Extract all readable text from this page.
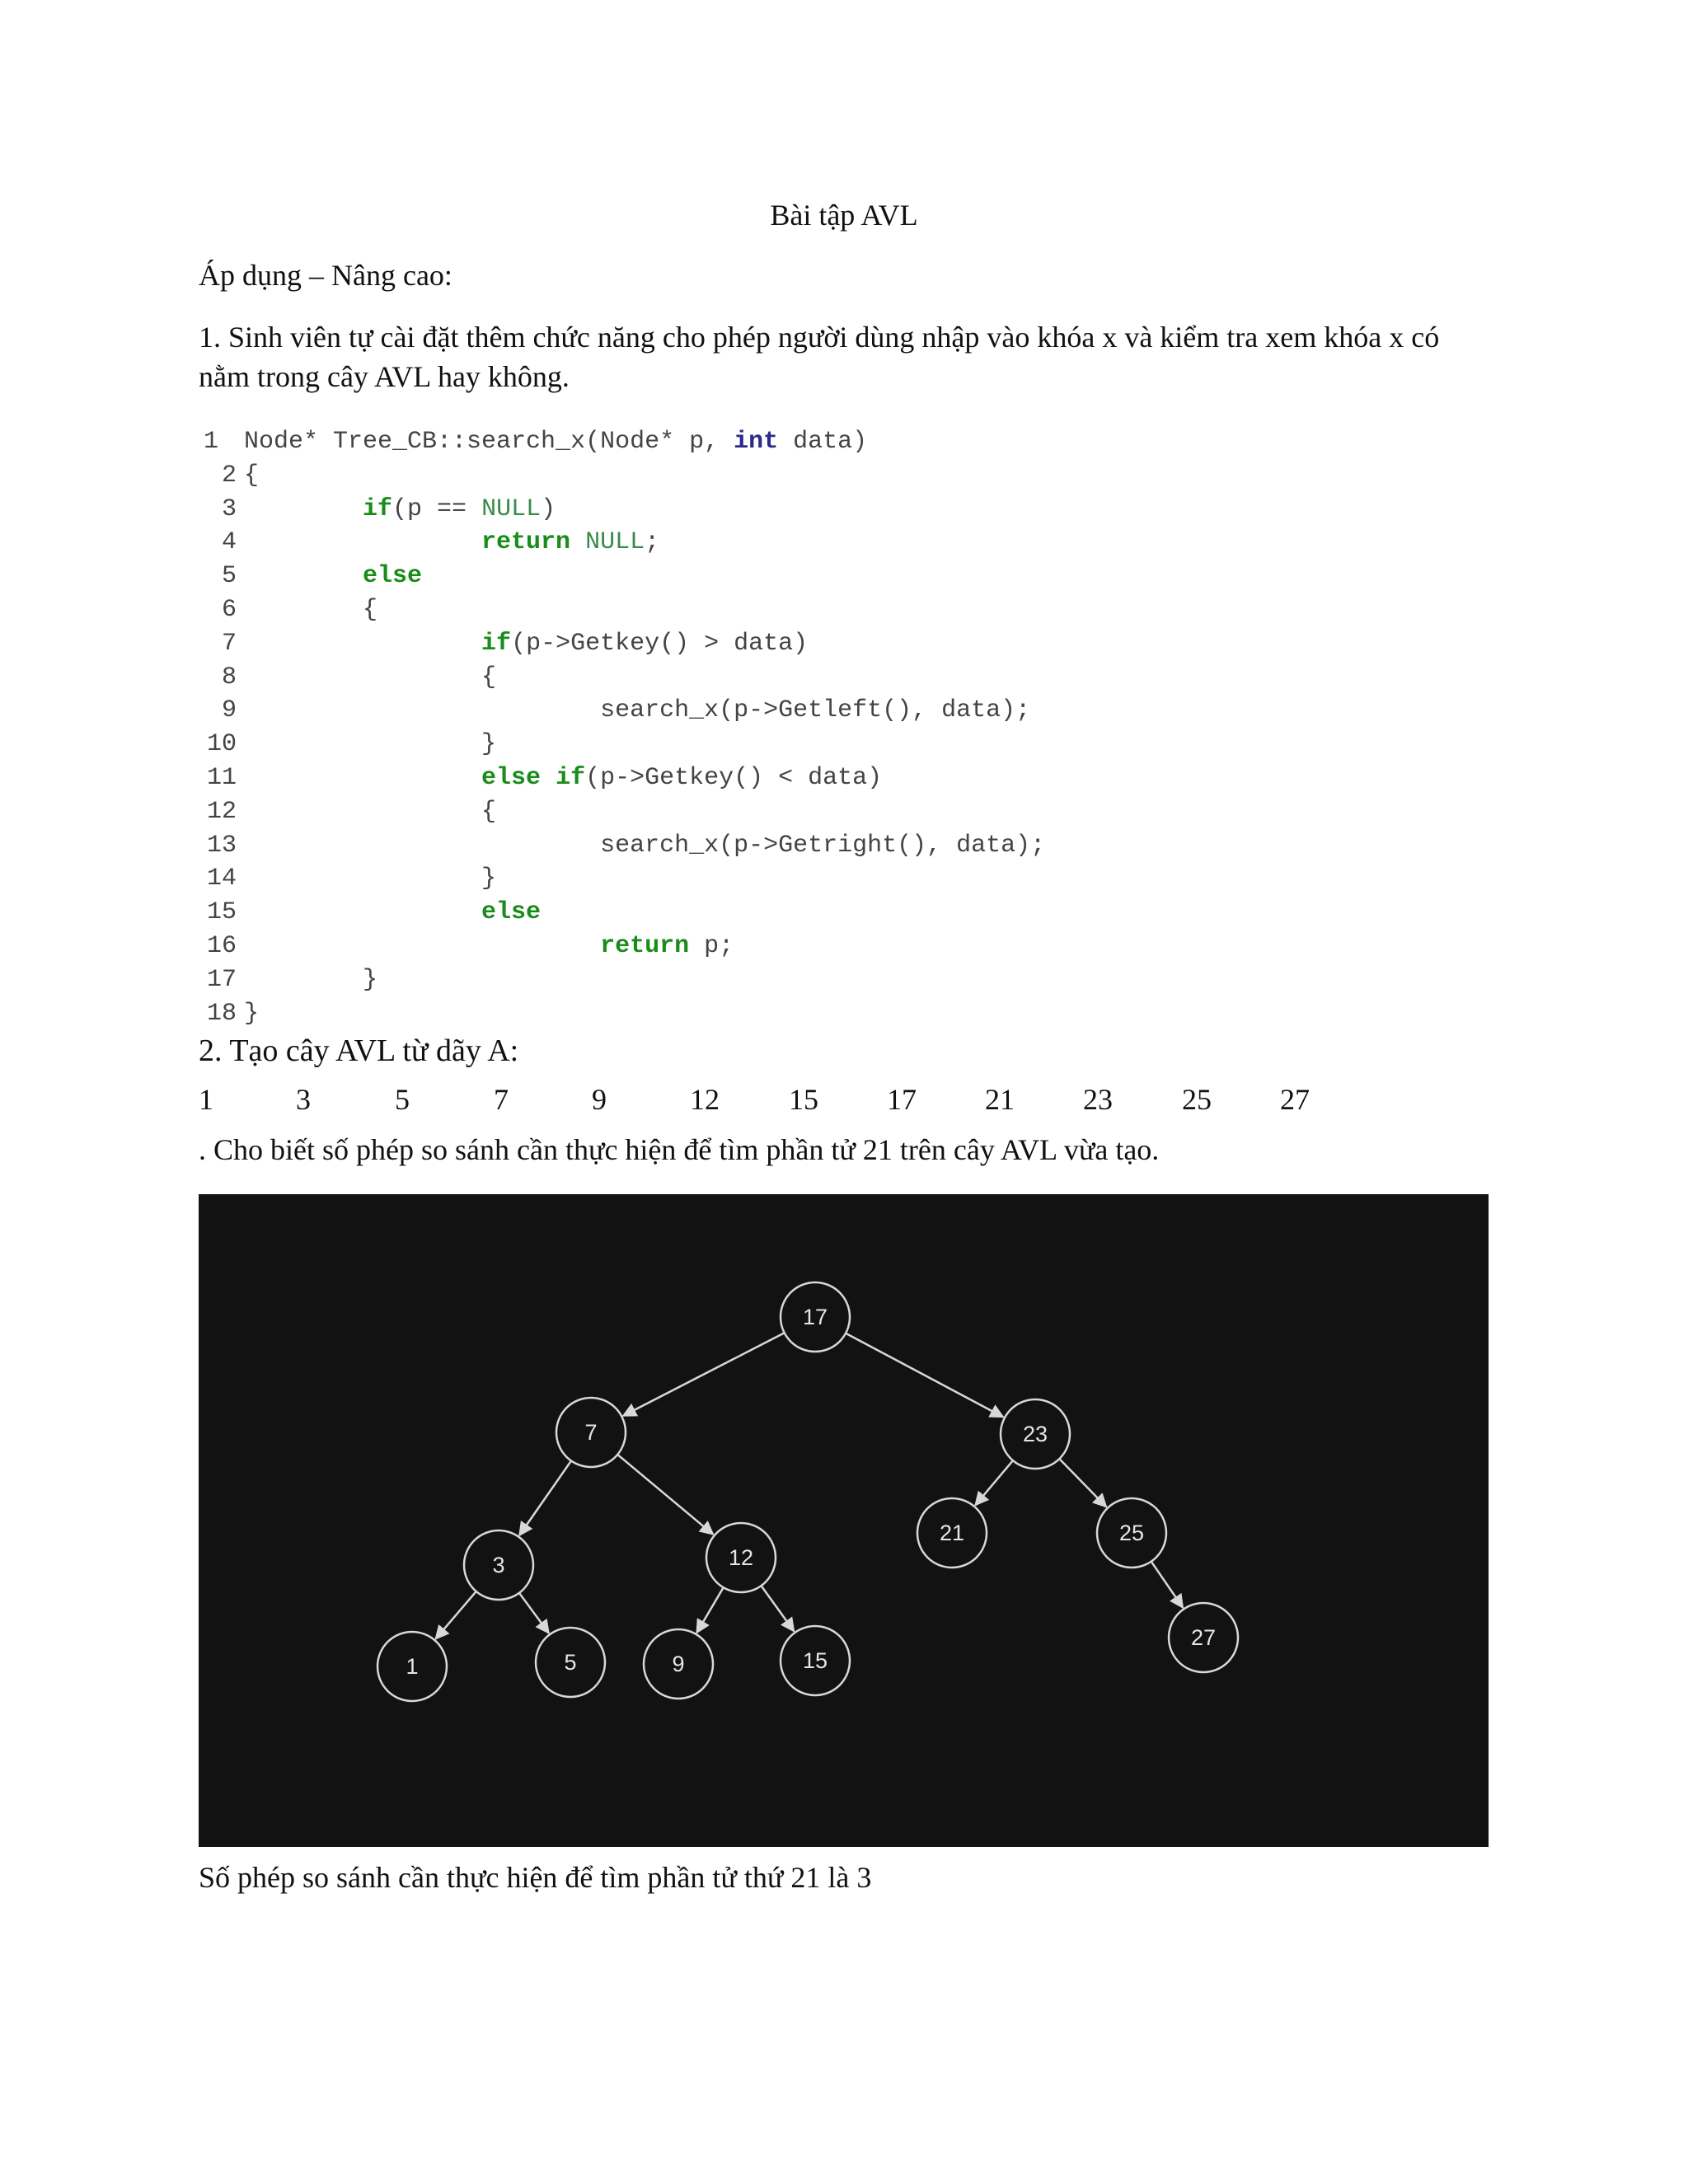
Bài tập AVL
Áp dụng – Nâng cao:
1. Sinh viên tự cài đặt thêm chức năng cho phép người dùng nhập vào khóa x và kiểm tra xem khóa x có nằm trong cây AVL hay không.
1 Node* Tree_CB::search_x(Node* p, int data)
2 {
3	if(p == NULL)
4	return NULL;
5	else
6 {
7	if(p->Getkey() > data)
8 {
9 search_x(p->Getleft(), data);
10 }
11	else if(p->Getkey() < data)
12 {
13 search_x(p->Getright(), data);
14 }
15	else
16	return p;
17 }
18 }
2. Tạo cây AVL từ dãy A:
1	3	5	7	9	12 15 17 21 23 25 27
. Cho biết số phép so sánh cần thực hiện để tìm phần tử 21 trên cây AVL vừa tạo.
17
7	23
3	12
21	25
1	5	9	15
27
Số phép so sánh cần thực hiện để tìm phần tử thứ 21 là 3
